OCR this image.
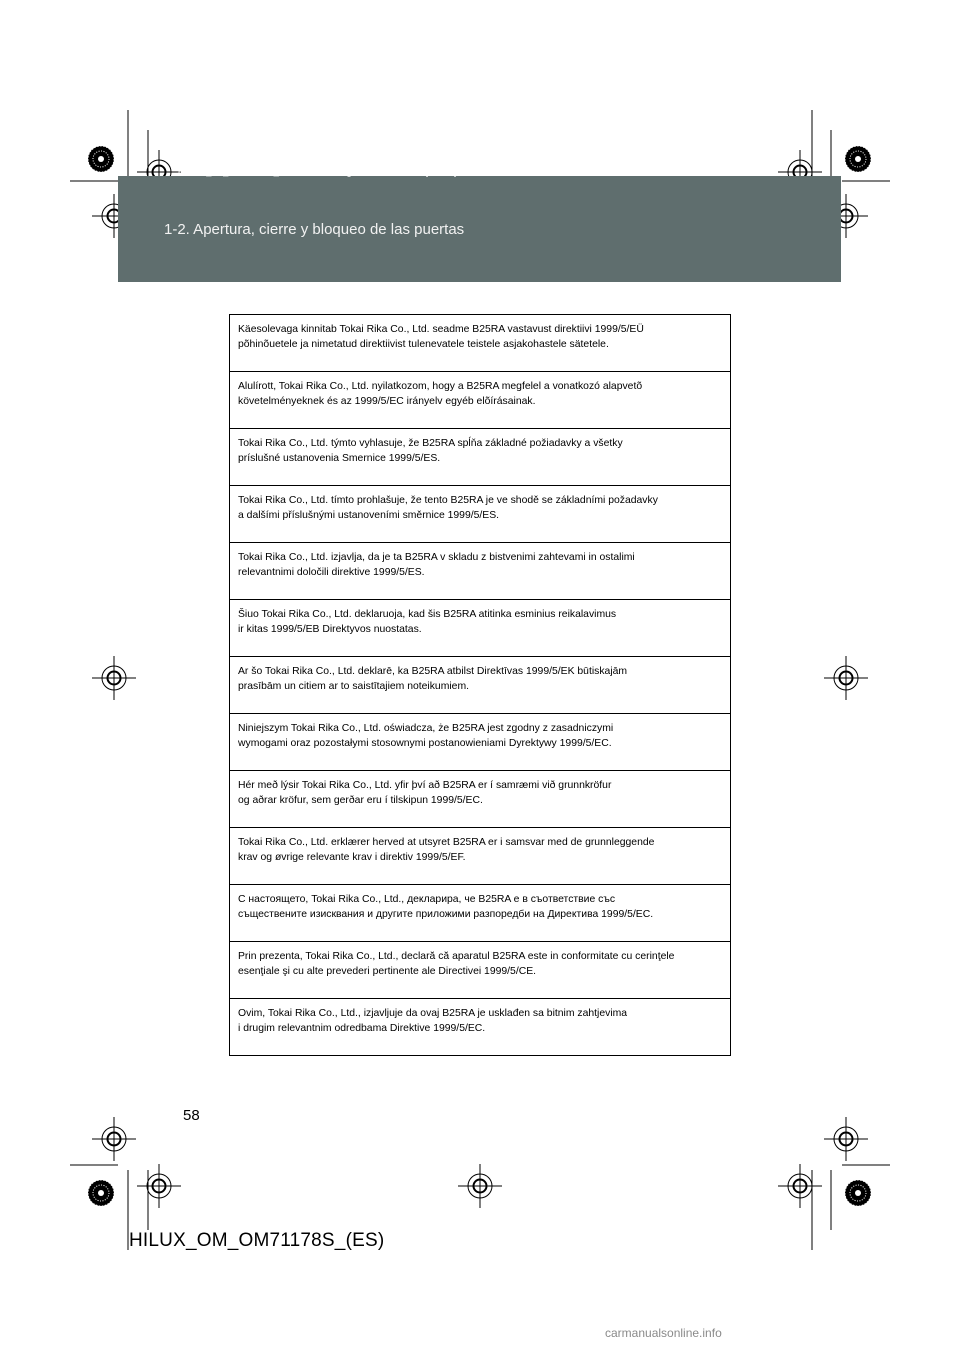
HILUX_OM_OM71178S_(ES).book Page 58 Wednesday, May 16, 2012 3:09 PM
1-2. Apertura, cierre y bloqueo de las puertas
Käesolevaga kinnitab Tokai Rika Co., Ltd. seadme B25RA vastavust direktiivi 1999/5/EÜ
põhinõuetele ja nimetatud direktiivist tulenevatele teistele asjakohastele sätetele.
Alulírott, Tokai Rika Co., Ltd. nyilatkozom, hogy a B25RA megfelel a vonatkozó alapvetõ
követelményeknek és az 1999/5/EC irányelv egyéb elõírásainak.
Tokai Rika Co., Ltd. týmto vyhlasuje, že B25RA spĺňa základné požiadavky a všetky
príslušné ustanovenia Smernice 1999/5/ES.
Tokai Rika Co., Ltd. tímto prohlašuje, že tento B25RA je ve shodě se základními požadavky
a dalšími příslušnými ustanoveními směrnice 1999/5/ES.
Tokai Rika Co., Ltd. izjavlja, da je ta B25RA v skladu z bistvenimi zahtevami in ostalimi
relevantnimi določili direktive 1999/5/ES.
Šiuo Tokai Rika Co., Ltd. deklaruoja, kad šis B25RA atitinka esminius reikalavimus
ir kitas 1999/5/EB Direktyvos nuostatas.
Ar šo Tokai Rika Co., Ltd. deklarē, ka B25RA atbilst Direktīvas 1999/5/EK būtiskajām
prasībām un citiem ar to saistītajiem noteikumiem.
Niniejszym Tokai Rika Co., Ltd. oświadcza, że B25RA jest zgodny z zasadniczymi
wymogami oraz pozostałymi stosownymi postanowieniami Dyrektywy 1999/5/EC.
Hér með lýsir Tokai Rika Co., Ltd. yfir því að B25RA er í samræmi við grunnkröfur
og aðrar kröfur, sem gerðar eru í tilskipun 1999/5/EC.
Tokai Rika Co., Ltd. erklærer herved at utsyret B25RA er i samsvar med de grunnleggende
krav og øvrige relevante krav i direktiv 1999/5/EF.
С настоящето, Tokai Rika Co., Ltd., декларира, че B25RA е в съответствие със
съществените изисквания и другите приложими разпоредби на Директива 1999/5/ЕС.
Prin prezenta, Tokai Rika Co., Ltd., declară că aparatul B25RA este in conformitate cu cerinţele
esenţiale şi cu alte prevederi pertinente ale Directivei 1999/5/CE.
Ovim, Tokai Rika Co., Ltd., izjavljuje da ovaj B25RA je usklađen sa bitnim zahtjevima
i drugim relevantnim odredbama Direktive 1999/5/EC.
58
HILUX_OM_OM71178S_(ES)
carmanualsonline.info
